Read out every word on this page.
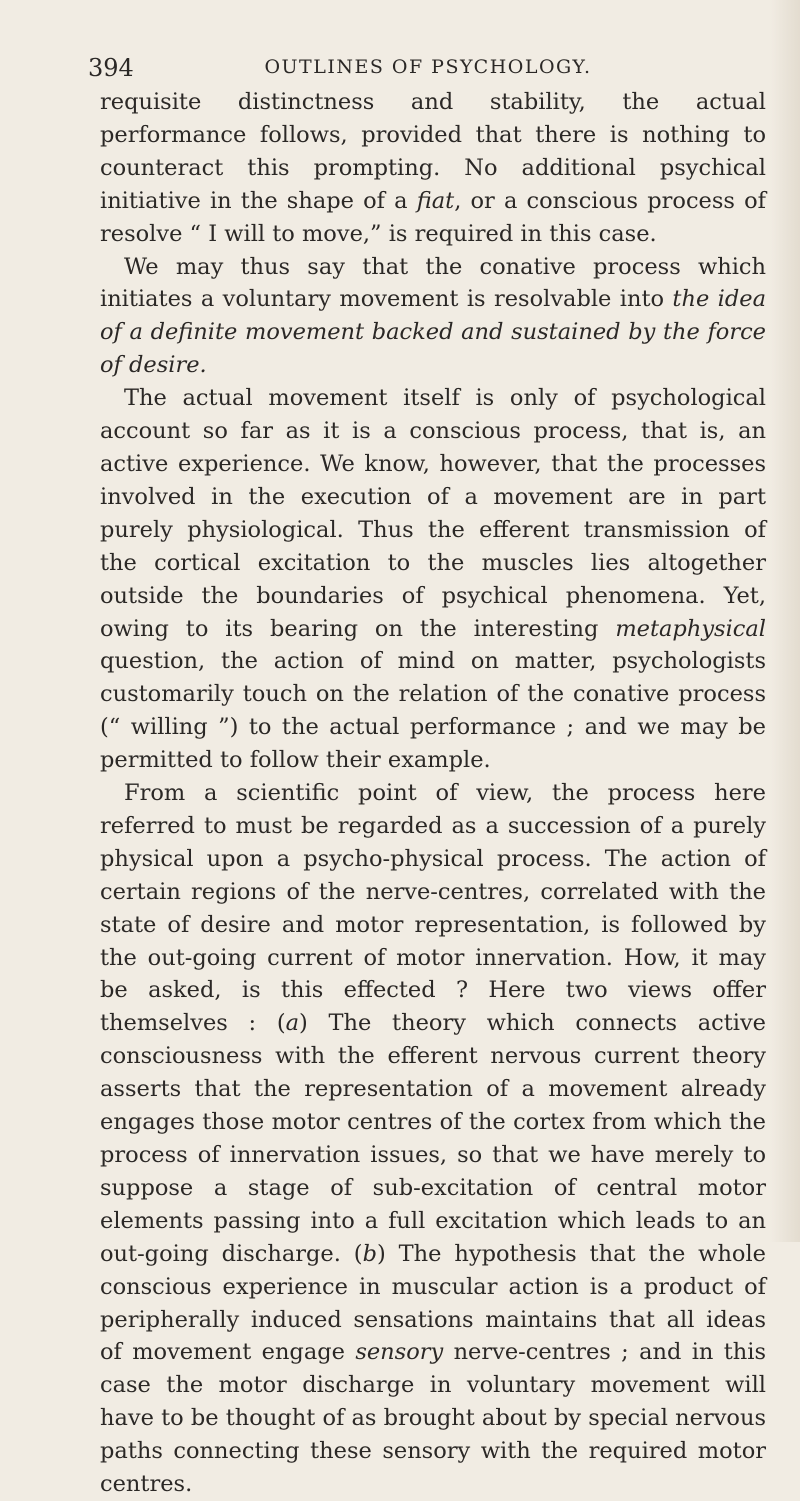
394	OUTLINES OF PSYCHOLOGY.

requisite distinctness and stability, the actual performance follows, provided that there is nothing to counteract this prompting. No additional psychical initiative in the shape of a fiat, or a conscious process of resolve “ I will to move,” is required in this case.

We may thus say that the conative process which initiates a voluntary movement is resolvable into the idea of a definite movement backed and sustained by the force of desire.

The actual movement itself is only of psychological account so far as it is a conscious process, that is, an active experience. We know, however, that the processes involved in the execution of a movement are in part purely physiological. Thus the efferent transmission of the cortical excitation to the muscles lies altogether outside the boundaries of psychical phenomena. Yet, owing to its bearing on the interesting metaphysical question, the action of mind on matter, psychologists customarily touch on the relation of the conative process (“ willing ”) to the actual performance ; and we may be permitted to follow their example.

From a scientific point of view, the process here referred to must be regarded as a succession of a purely physical upon a psycho-physical process. The action of certain regions of the nerve-centres, correlated with the state of desire and motor representation, is followed by the out-going current of motor innervation. How, it may be asked, is this effected ? Here two views offer themselves : (a) The theory which connects active consciousness with the efferent nervous current theory asserts that the representation of a movement already engages those motor centres of the cortex from which the process of innervation issues, so that we have merely to suppose a stage of sub-excitation of central motor elements passing into a full excitation which leads to an out-going discharge. (b) The hypothesis that the whole conscious experience in muscular action is a product of peripherally induced sensations maintains that all ideas of movement engage sensory nerve-centres ; and in this case the motor discharge in voluntary movement will have to be thought of as brought about by special nervous paths connecting these sensory with the required motor centres.
